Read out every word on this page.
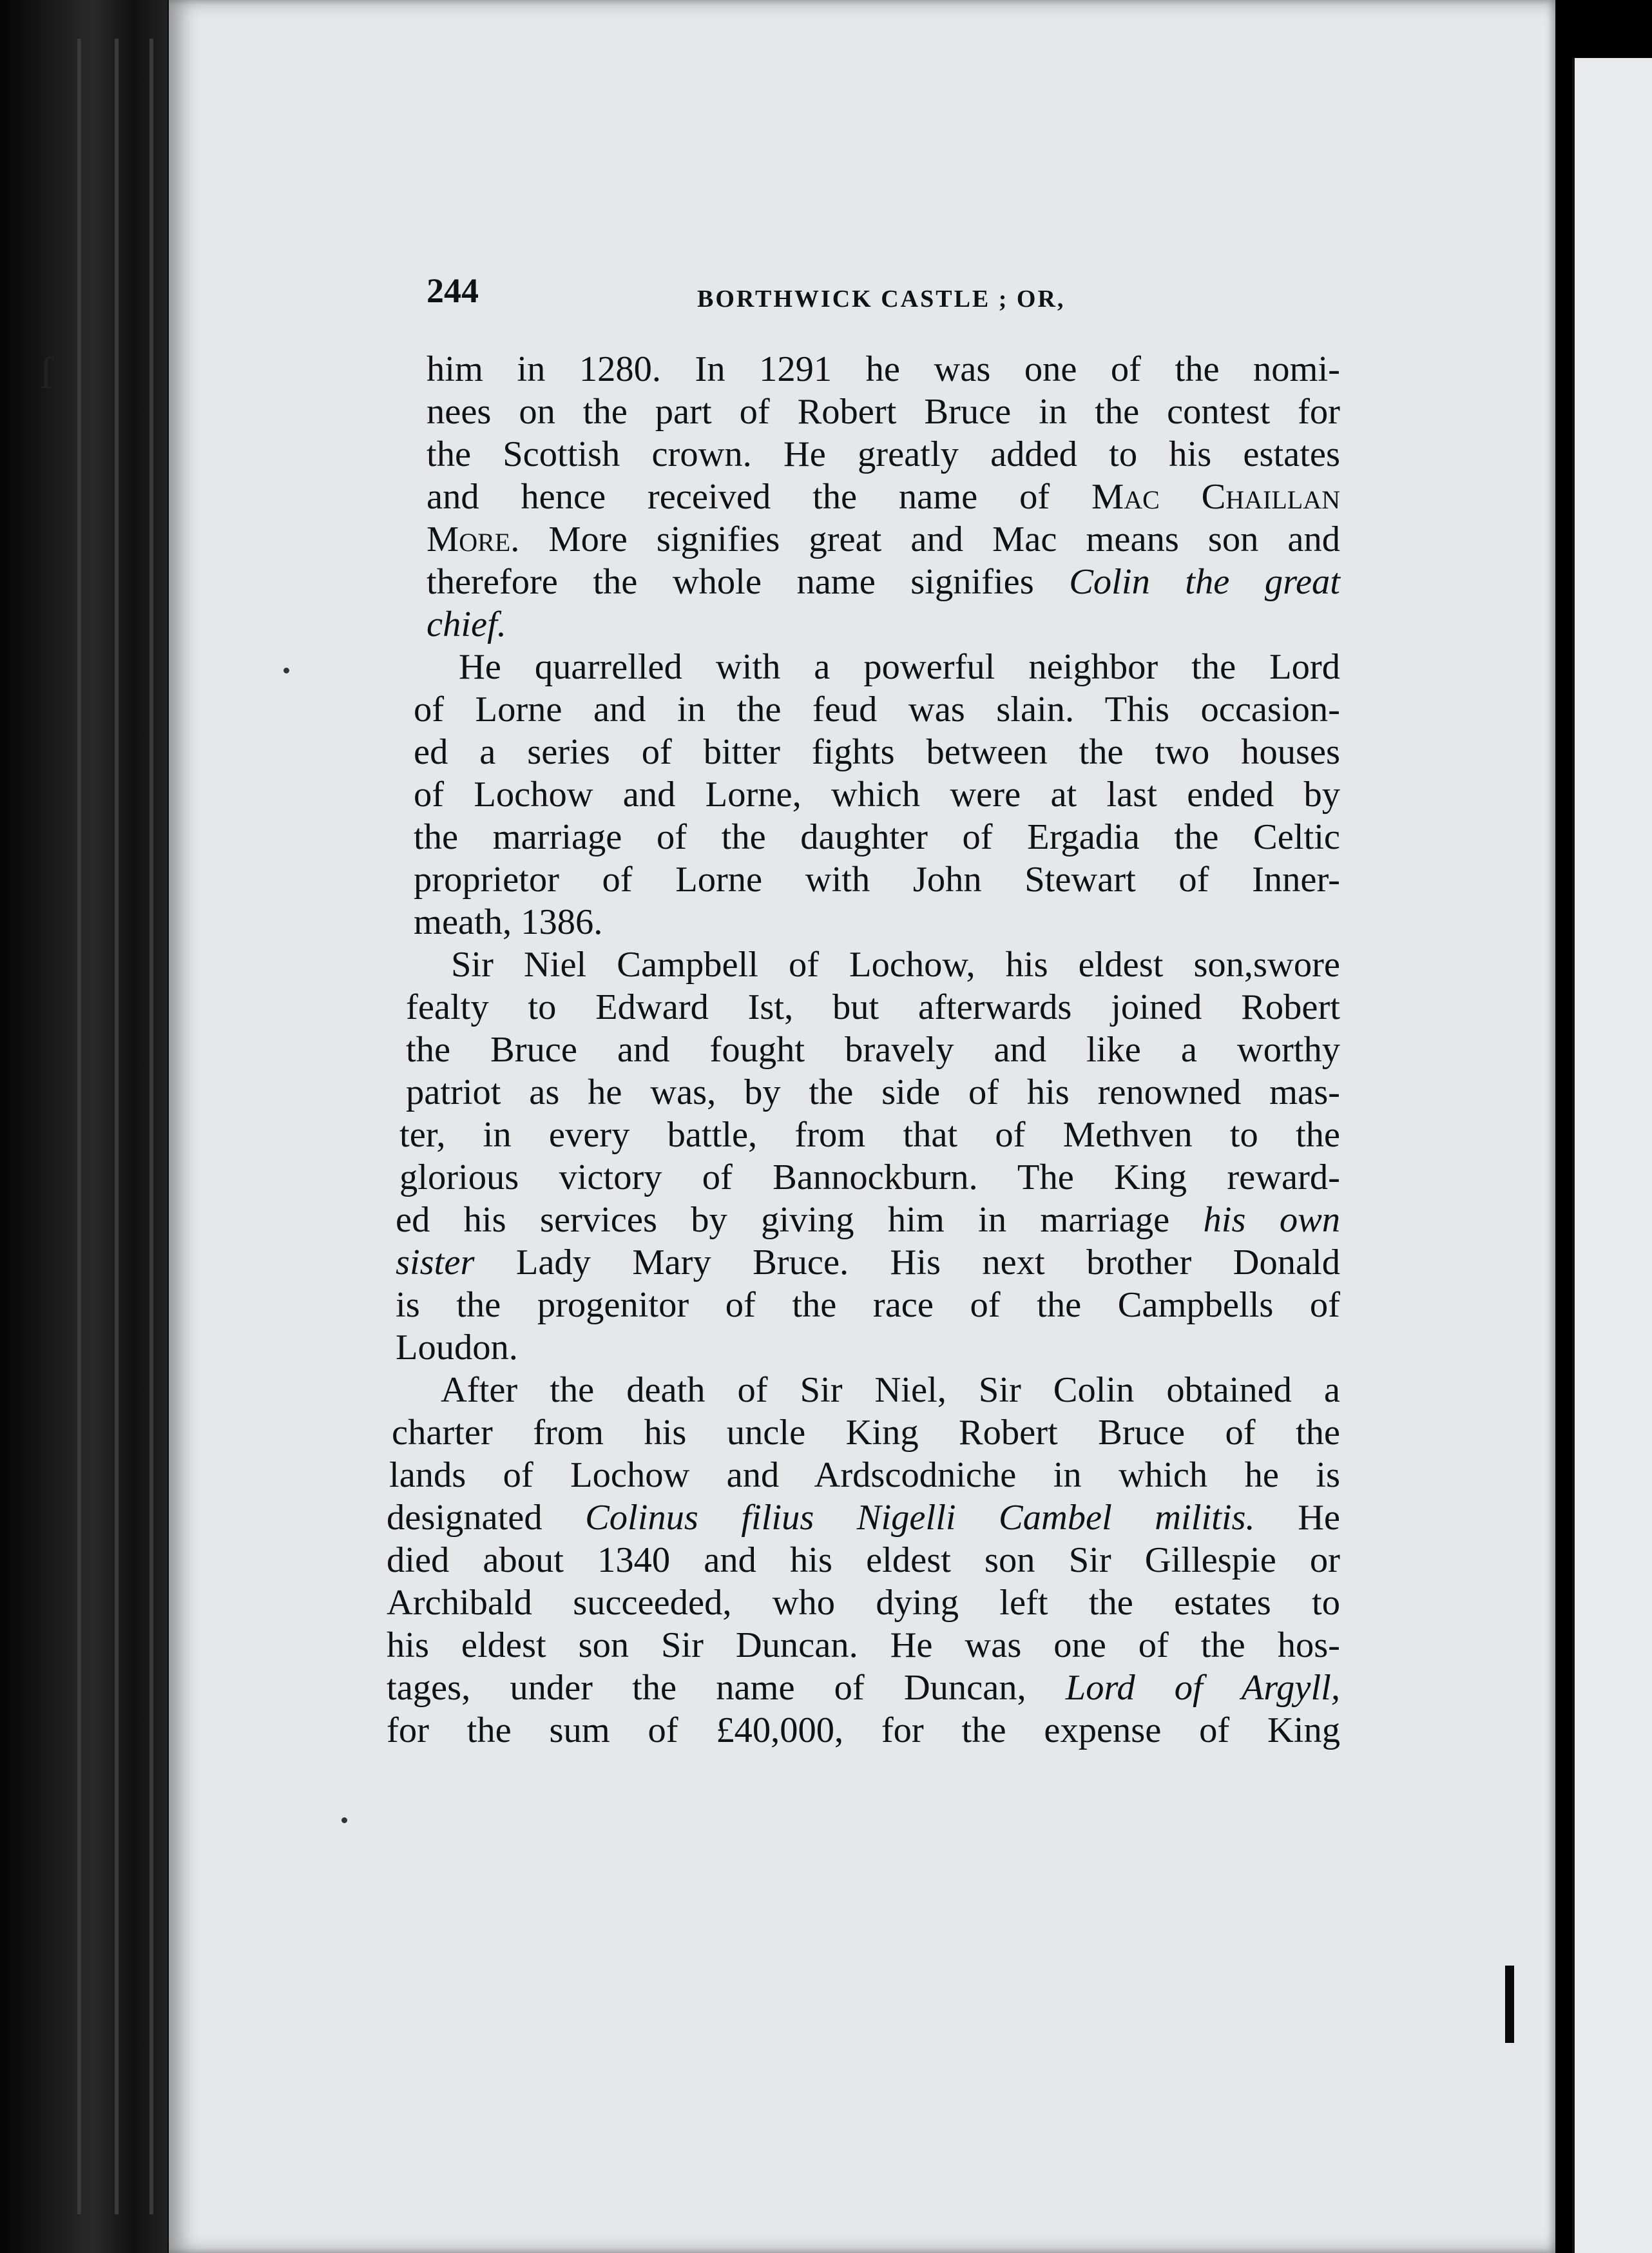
ſ
244	BORTHWICK CASTLE ; OR,
him in 1280. In 1291 he was one of the nomi-
nees on the part of Robert Bruce in the contest for
the Scottish crown. He greatly added to his estates
and hence received the name of Mac Chaillan
More. More signifies great and Mac means son and
therefore the whole name signifies Colin the great
chief.
He quarrelled with a powerful neighbor the Lord
of Lorne and in the feud was slain. This occasion-
ed a series of bitter fights between the two houses
of Lochow and Lorne, which were at last ended by
the marriage of the daughter of Ergadia the Celtic
proprietor of Lorne with John Stewart of Inner-
meath, 1386.
Sir Niel Campbell of Lochow, his eldest son,swore
fealty to Edward Ist, but afterwards joined Robert
the Bruce and fought bravely and like a worthy
patriot as he was, by the side of his renowned mas-
ter, in every battle, from that of Methven to the
glorious victory of Bannockburn. The King reward-
ed his services by giving him in marriage his own
sister Lady Mary Bruce. His next brother Donald
is the progenitor of the race of the Campbells of
Loudon.
After the death of Sir Niel, Sir Colin obtained a
charter from his uncle King Robert Bruce of the
lands of Lochow and Ardscodniche in which he is
designated Colinus filius Nigelli Cambel militis. He
died about 1340 and his eldest son Sir Gillespie or
Archibald succeeded, who dying left the estates to
his eldest son Sir Duncan. He was one of the hos-
tages, under the name of Duncan, Lord of Argyll,
for the sum of £40,000, for the expense of King
